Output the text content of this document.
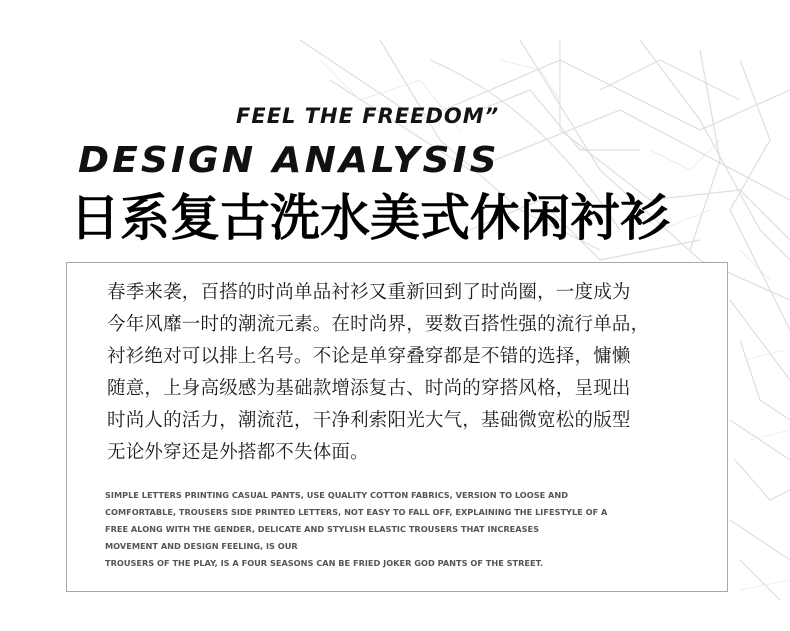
FEEL THE FREEDOM”
DESIGN ANALYSIS
日系复古洗水美式休闲衬衫
春季来袭，百搭的时尚单品衬衫又重新回到了时尚圈，一度成为
今年风靡一时的潮流元素。在时尚界，要数百搭性强的流行单品，
衬衫绝对可以排上名号。不论是单穿叠穿都是不错的选择，慵懒
随意，上身高级感为基础款增添复古、时尚的穿搭风格，呈现出
时尚人的活力，潮流范，干净利索阳光大气，基础微宽松的版型
无论外穿还是外搭都不失体面。
SIMPLE LETTERS PRINTING CASUAL PANTS, USE QUALITY COTTON FABRICS, VERSION TO LOOSE AND
COMFORTABLE, TROUSERS SIDE PRINTED LETTERS, NOT EASY TO FALL OFF, EXPLAINING THE LIFESTYLE OF A
FREE ALONG WITH THE GENDER, DELICATE AND STYLISH ELASTIC TROUSERS THAT INCREASES
MOVEMENT AND DESIGN FEELING, IS OUR
TROUSERS OF THE PLAY, IS A FOUR SEASONS CAN BE FRIED JOKER GOD PANTS OF THE STREET.
